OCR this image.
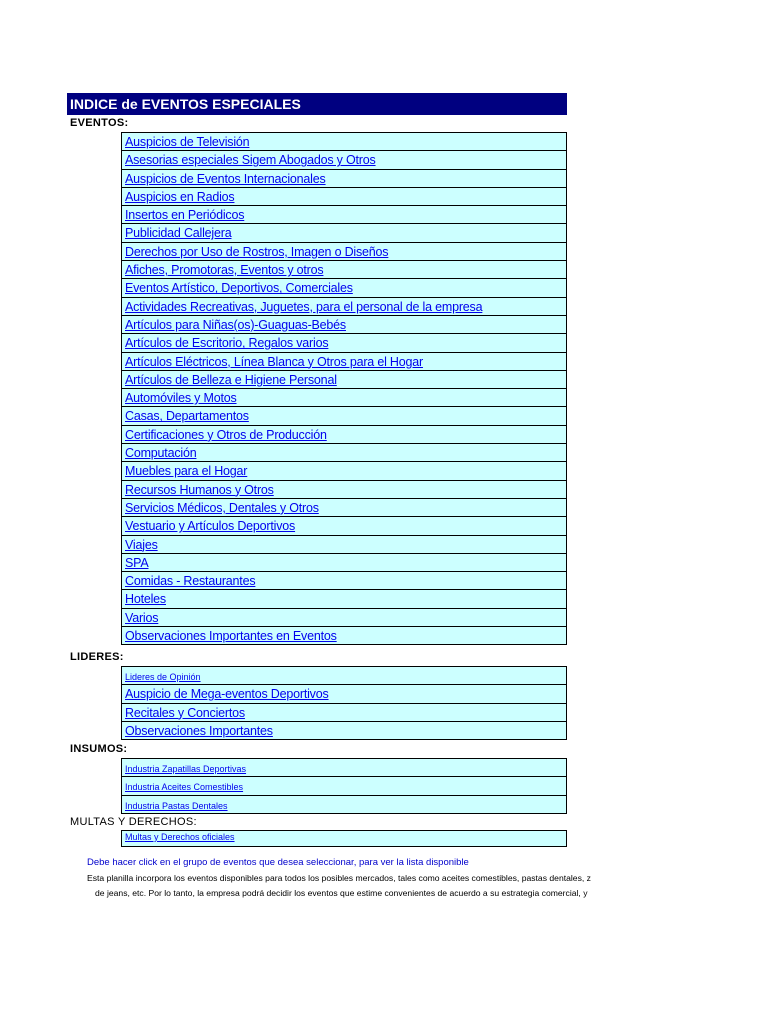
INDICE de EVENTOS ESPECIALES
EVENTOS:
Auspicios de Televisión
Asesorias especiales Sigem Abogados y Otros
Auspicios de Eventos Internacionales
Auspicios en Radios
Insertos en Periódicos
Publicidad Callejera
Derechos por Uso de Rostros, Imagen o Diseños
Afiches, Promotoras, Eventos y otros
Eventos Artístico, Deportivos, Comerciales
Actividades Recreativas, Juguetes, para el personal de la empresa
Artículos para Niñas(os)-Guaguas-Bebés
Artículos de Escritorio, Regalos varios
Artículos Eléctricos, Línea Blanca y Otros para el Hogar
Artículos de Belleza e Higiene Personal
Automóviles y Motos
Casas, Departamentos
Certificaciones y Otros de Producción
Computación
Muebles para el Hogar
Recursos Humanos y Otros
Servicios Médicos, Dentales y Otros
Vestuario y Artículos Deportivos
Viajes
SPA
Comidas - Restaurantes
Hoteles
Varios
Observaciones Importantes en Eventos
LIDERES:
Lideres de Opinión
Auspicio de Mega-eventos Deportivos
Recitales y Conciertos
Observaciones Importantes
INSUMOS:
Industria Zapatillas Deportivas
Industria Aceites Comestibles
Industria Pastas Dentales
MULTAS Y DERECHOS:
$^{Multas y Derechos oficiales}$
Debe hacer click en el grupo de eventos que desea seleccionar, para ver la lista disponible
Esta planilla incorpora los eventos disponibles para todos los posibles mercados, tales como aceites comestibles, pastas dentales, z
de jeans, etc. Por lo tanto, la empresa podrá decidir los eventos que estime convenientes de acuerdo a su estrategia comercial, y
